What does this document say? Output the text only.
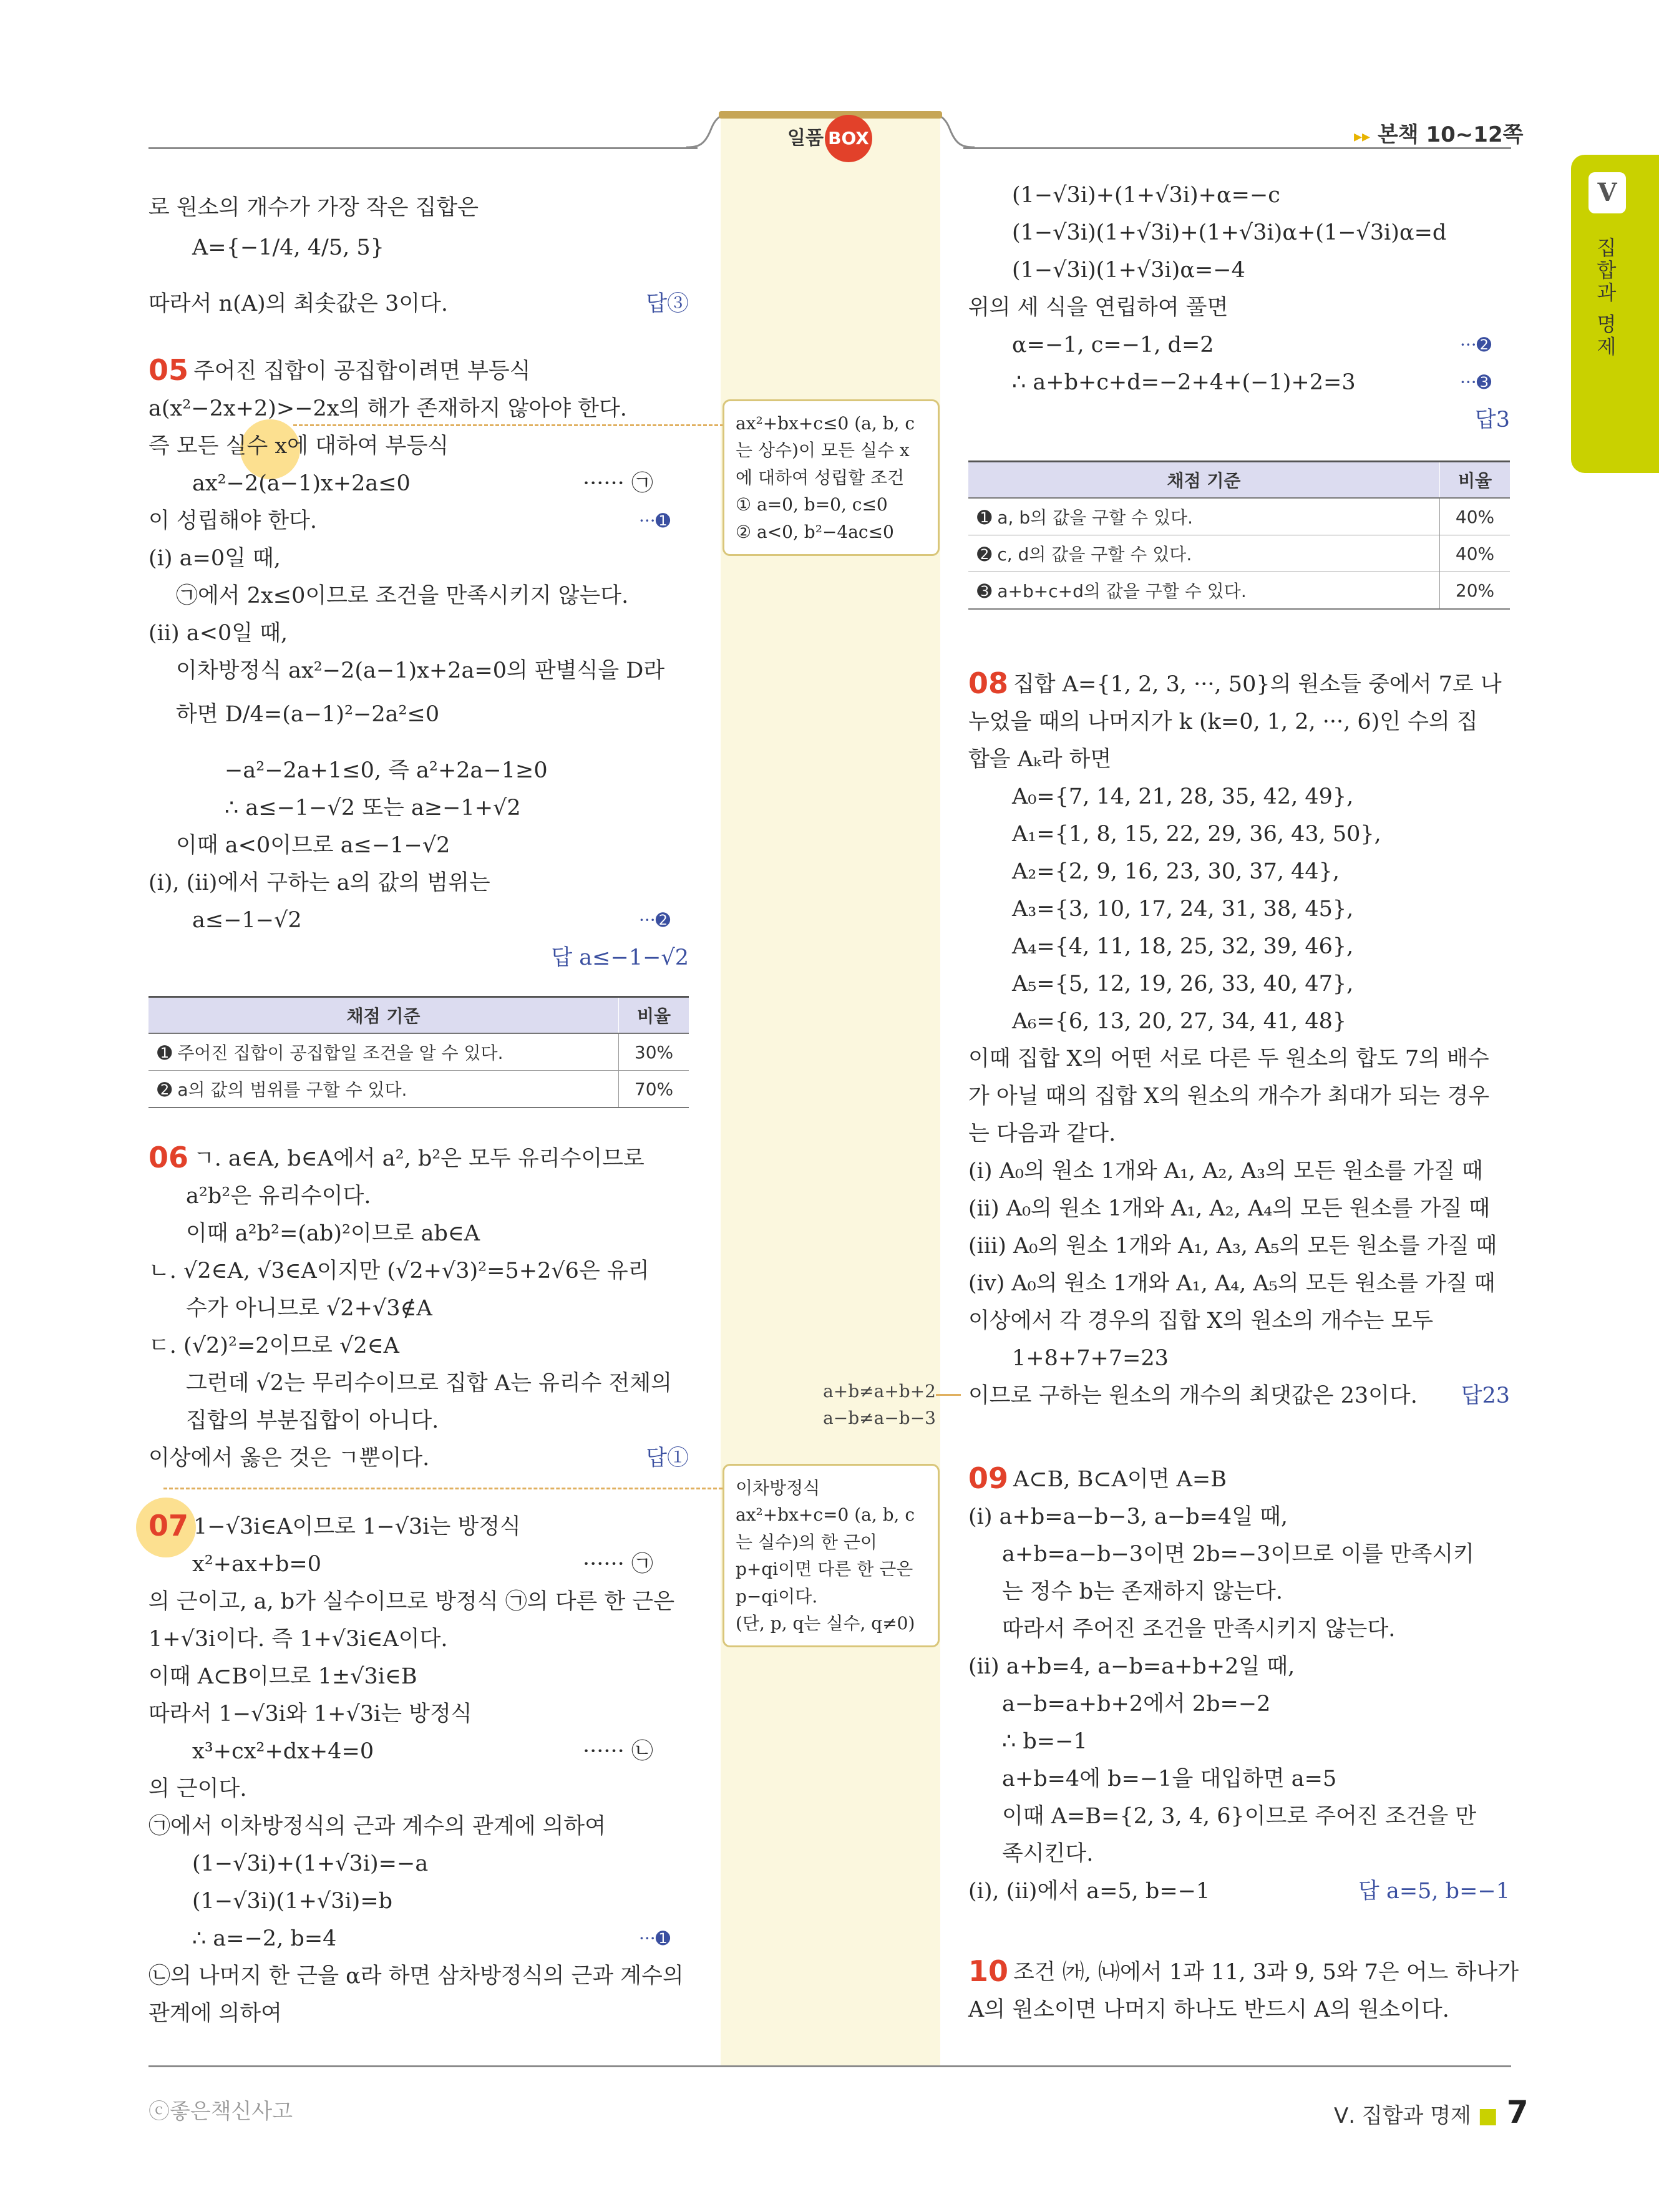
일품 BOX	▸▸ 본책 10~12쪽
V
집합과 명제
로 원소의 개수가 가장 작은 집합은
A={−1/4, 4/5, 5}
따라서 n(A)의 최솟값은 3이다.	답③
05 주어진 집합이 공집합이려면 부등식
a(x²−2x+2)>−2x의 해가 존재하지 않아야 한다.
즉 모든 실수 x에 대하여 부등식
ax²−2(a−1)x+2a≤0	······ ㉠
이 성립해야 한다.	···➊
(ⅰ) a=0일 때,
㉠에서 2x≤0이므로 조건을 만족시키지 않는다.
(ⅱ) a<0일 때,
이차방정식 ax²−2(a−1)x+2a=0의 판별식을 D라
하면 D/4=(a−1)²−2a²≤0
−a²−2a+1≤0, 즉 a²+2a−1≥0
∴ a≤−1−√2 또는 a≥−1+√2
이때 a<0이므로 a≤−1−√2
(ⅰ), (ⅱ)에서 구하는 a의 값의 범위는
a≤−1−√2	···➋
답 a≤−1−√2
06 ㄱ. a∈A, b∈A에서 a², b²은 모두 유리수이므로
a²b²은 유리수이다.
이때 a²b²=(ab)²이므로 ab∈A
ㄴ. √2∈A, √3∈A이지만 (√2+√3)²=5+2√6은 유리
수가 아니므로 √2+√3∉A
ㄷ. (√2)²=2이므로 √2∈A
그런데 √2는 무리수이므로 집합 A는 유리수 전체의
집합의 부분집합이 아니다.
이상에서 옳은 것은 ㄱ뿐이다.	답①
07 1−√3i∈A이므로 1−√3i는 방정식
x²+ax+b=0	······ ㉠
의 근이고, a, b가 실수이므로 방정식 ㉠의 다른 한 근은
1+√3i이다. 즉 1+√3i∈A이다.
이때 A⊂B이므로 1±√3i∈B
따라서 1−√3i와 1+√3i는 방정식
x³+cx²+dx+4=0	······ ㉡
의 근이다.
㉠에서 이차방정식의 근과 계수의 관계에 의하여
(1−√3i)+(1+√3i)=−a
(1−√3i)(1+√3i)=b
∴ a=−2, b=4	···➊
㉡의 나머지 한 근을 α라 하면 삼차방정식의 근과 계수의
관계에 의하여
(1−√3i)+(1+√3i)+α=−c
(1−√3i)(1+√3i)+(1+√3i)α+(1−√3i)α=d
(1−√3i)(1+√3i)α=−4
위의 세 식을 연립하여 풀면
α=−1, c=−1, d=2	···➋
∴ a+b+c+d=−2+4+(−1)+2=3	···➌
답3
08 집합 A={1, 2, 3, ···, 50}의 원소들 중에서 7로 나
누었을 때의 나머지가 k (k=0, 1, 2, ···, 6)인 수의 집
합을 Aₖ라 하면
A₀={7, 14, 21, 28, 35, 42, 49},
A₁={1, 8, 15, 22, 29, 36, 43, 50},
A₂={2, 9, 16, 23, 30, 37, 44},
A₃={3, 10, 17, 24, 31, 38, 45},
A₄={4, 11, 18, 25, 32, 39, 46},
A₅={5, 12, 19, 26, 33, 40, 47},
A₆={6, 13, 20, 27, 34, 41, 48}
이때 집합 X의 어떤 서로 다른 두 원소의 합도 7의 배수
가 아닐 때의 집합 X의 원소의 개수가 최대가 되는 경우
는 다음과 같다.
(ⅰ) A₀의 원소 1개와 A₁, A₂, A₃의 모든 원소를 가질 때
(ⅱ) A₀의 원소 1개와 A₁, A₂, A₄의 모든 원소를 가질 때
(ⅲ) A₀의 원소 1개와 A₁, A₃, A₅의 모든 원소를 가질 때
(ⅳ) A₀의 원소 1개와 A₁, A₄, A₅의 모든 원소를 가질 때
이상에서 각 경우의 집합 X의 원소의 개수는 모두
1+8+7+7=23
이므로 구하는 원소의 개수의 최댓값은 23이다. 답23
09 A⊂B, B⊂A이면 A=B
(ⅰ) a+b=a−b−3, a−b=4일 때,
a+b=a−b−3이면 2b=−3이므로 이를 만족시키
는 정수 b는 존재하지 않는다.
따라서 주어진 조건을 만족시키지 않는다.
(ⅱ) a+b=4, a−b=a+b+2일 때,
a−b=a+b+2에서 2b=−2
∴ b=−1
a+b=4에 b=−1을 대입하면 a=5
이때 A=B={2, 3, 4, 6}이므로 주어진 조건을 만
족시킨다.
(ⅰ), (ⅱ)에서 a=5, b=−1	답 a=5, b=−1
10 조건 ㈎, ㈏에서 1과 11, 3과 9, 5와 7은 어느 하나가
A의 원소이면 나머지 하나도 반드시 A의 원소이다.
채점 기준	비율
➊ 주어진 집합이 공집합일 조건을 알 수 있다.	30%
➋ a의 값의 범위를 구할 수 있다.	70%
채점 기준	비율
➊ a, b의 값을 구할 수 있다.	40%
➋ c, d의 값을 구할 수 있다.	40%
➌ a+b+c+d의 값을 구할 수 있다.	20%
ax²+bx+c≤0 (a, b, c
는 상수)이 모든 실수 x
에 대하여 성립할 조건
① a=0, b=0, c≤0
② a<0, b²−4ac≤0
a+b≠a+b+2
a−b≠a−b−3
이차방정식
ax²+bx+c=0 (a, b, c
는 실수)의 한 근이
p+qi이면 다른 한 근은
p−qi이다.
(단, p, q는 실수, q≠0)
ⓒ좋은책신사고	Ⅴ. 집합과 명제 ■ 7
